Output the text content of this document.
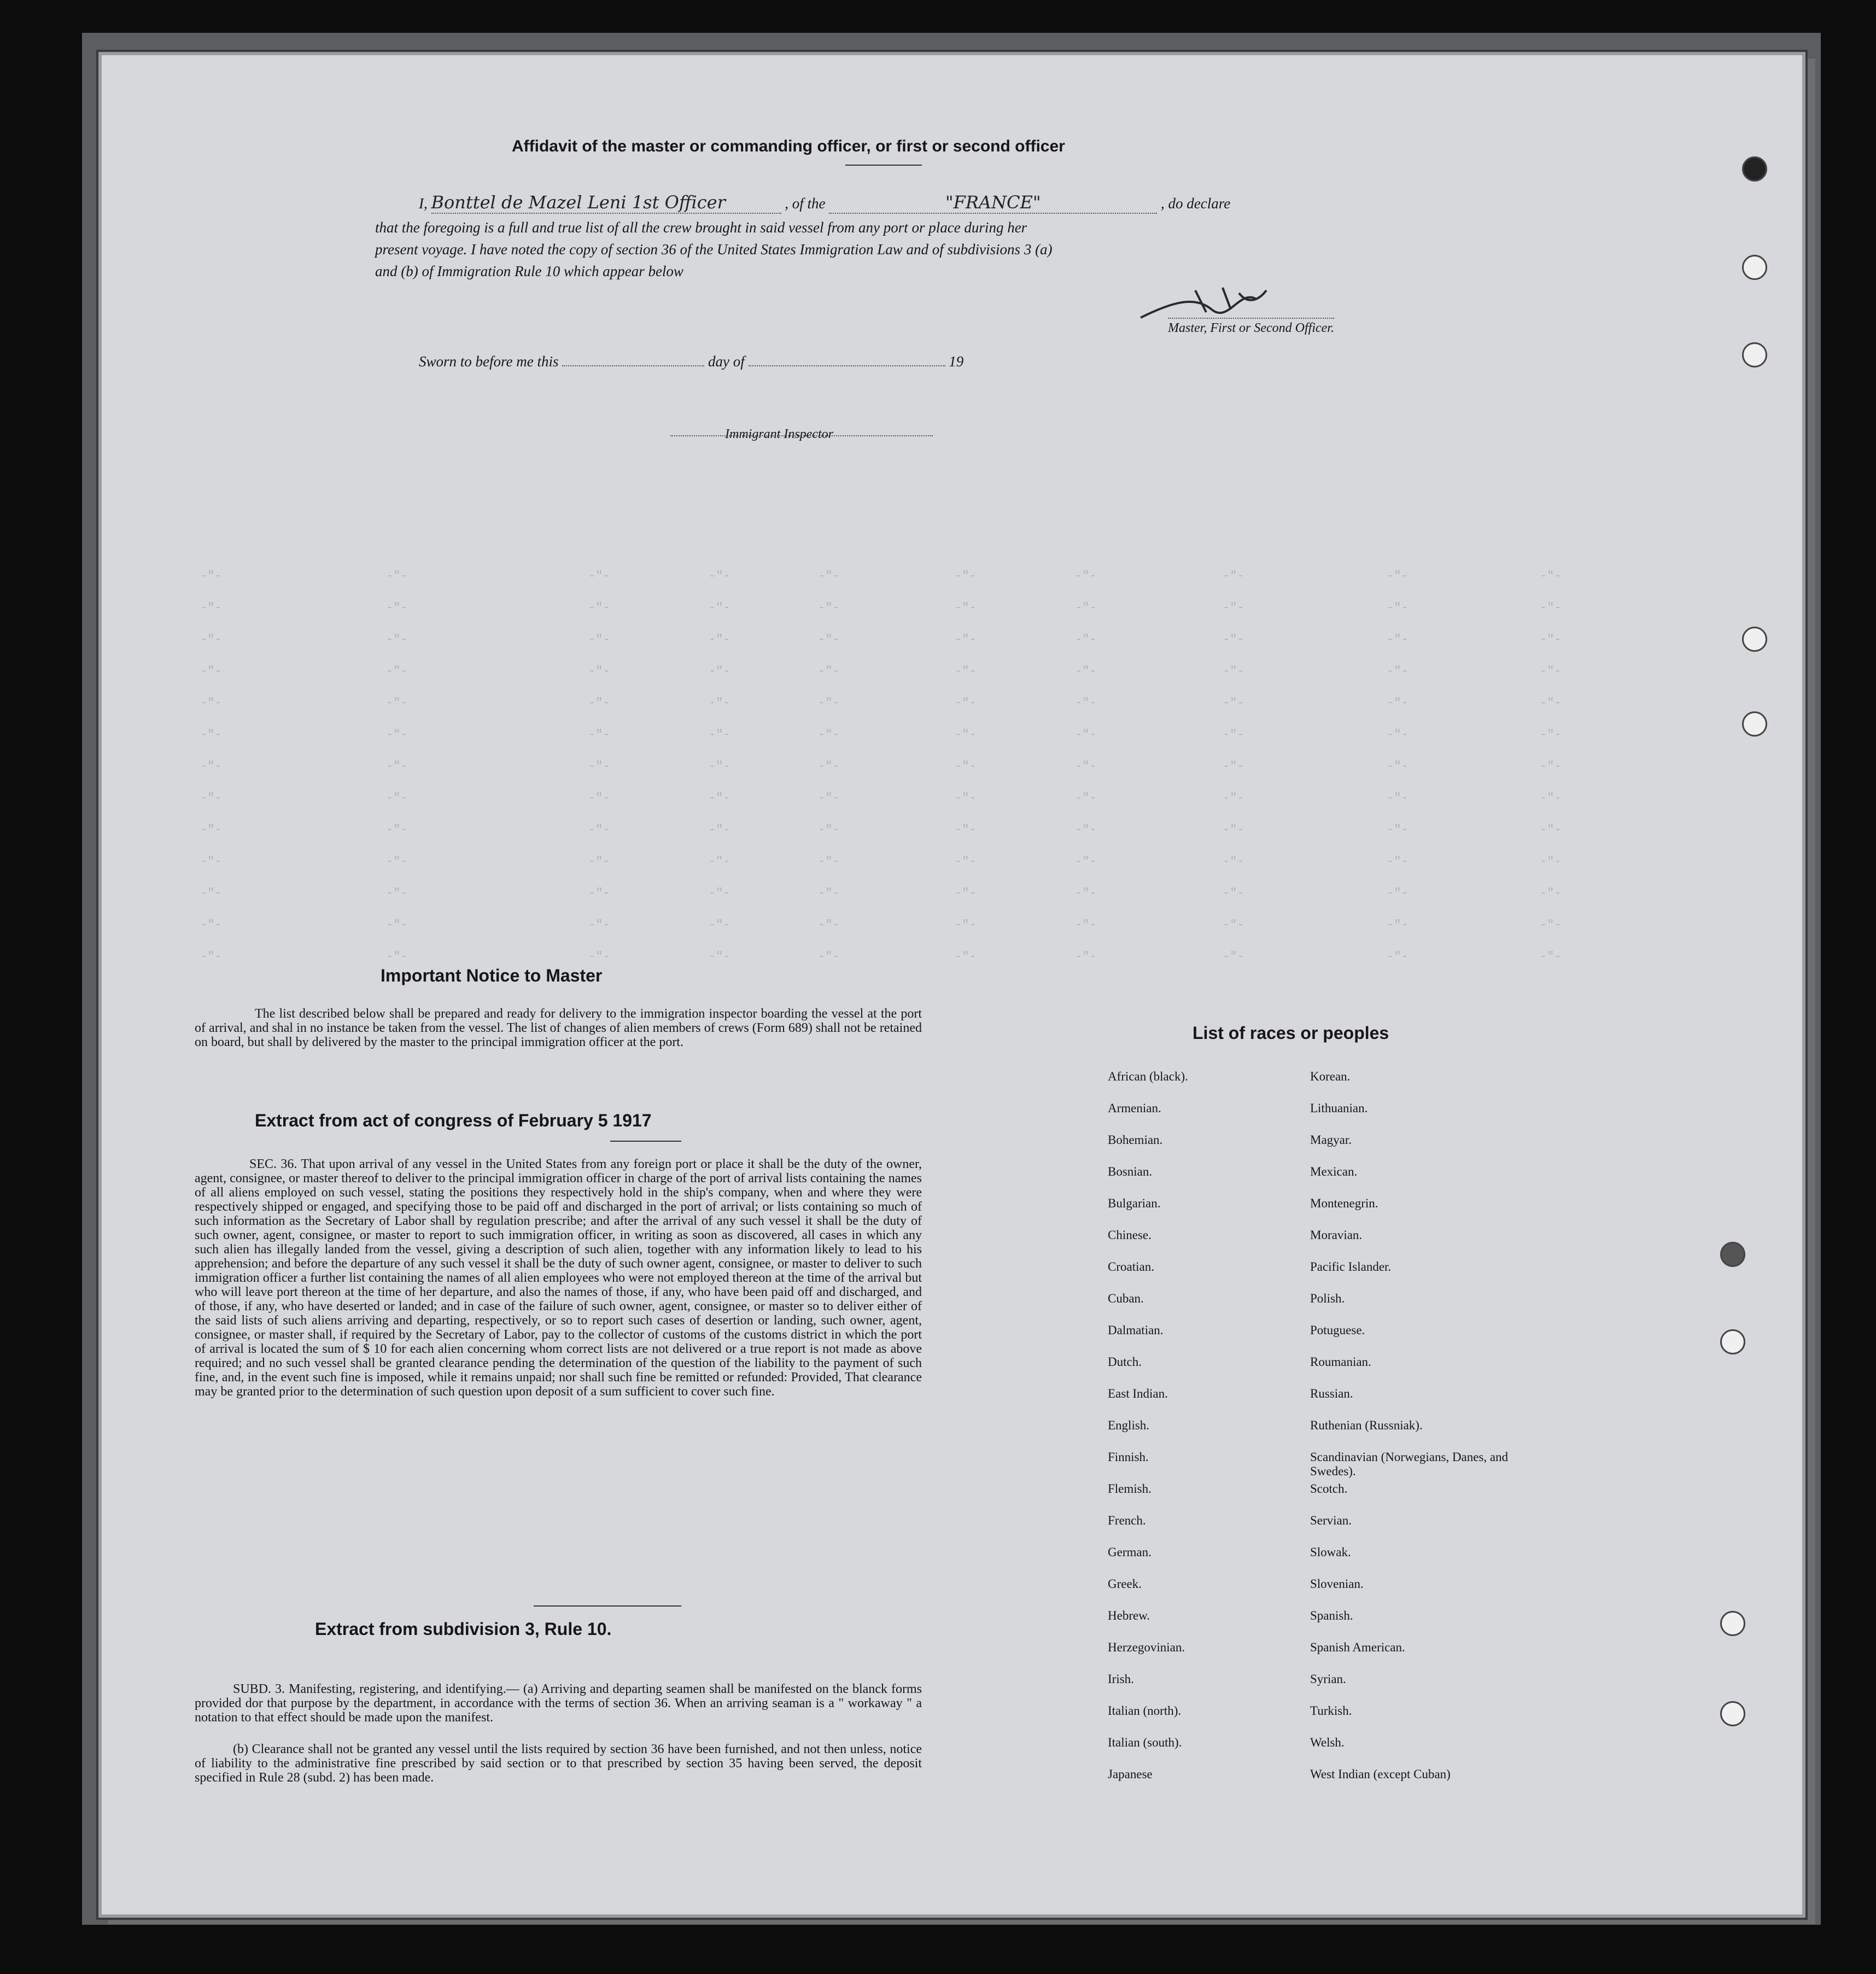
-"-	-"-	-"-	-"-	-"-	-"-	-"-	-"-	-"-	-"-
-"-	-"-	-"-	-"-	-"-	-"-	-"-	-"-	-"-	-"-
-"-	-"-	-"-	-"-	-"-	-"-	-"-	-"-	-"-	-"-
-"-	-"-	-"-	-"-	-"-	-"-	-"-	-"-	-"-	-"-
-"-	-"-	-"-	-"-	-"-	-"-	-"-	-"-	-"-	-"-
-"-	-"-	-"-	-"-	-"-	-"-	-"-	-"-	-"-	-"-
-"-	-"-	-"-	-"-	-"-	-"-	-"-	-"-	-"-	-"-
-"-	-"-	-"-	-"-	-"-	-"-	-"-	-"-	-"-	-"-
-"-	-"-	-"-	-"-	-"-	-"-	-"-	-"-	-"-	-"-
-"-	-"-	-"-	-"-	-"-	-"-	-"-	-"-	-"-	-"-
-"-	-"-	-"-	-"-	-"-	-"-	-"-	-"-	-"-	-"-
-"-	-"-	-"-	-"-	-"-	-"-	-"-	-"-	-"-	-"-
-"-	-"-	-"-	-"-	-"-	-"-	-"-	-"-	-"-	-"-
Affidavit of the master or commanding officer, or first or second officer
I, Bonttel de Mazel Leni 1st Officer	, of the	"FRANCE"	, do declare
that the foregoing is a full and true list of all the crew brought in said vessel from any port or place during her
present voyage. I have noted the copy of section 36 of the United States Immigration Law and of subdivisions 3 (a)
and (b) of Immigration Rule 10 which appear below
Master, First or Second Officer.
Sworn to before me this	day of	19
Immigrant Inspector
Important Notice to Master
The list described below shall be prepared and ready for delivery to the immigration inspector boarding the vessel at the port of arrival, and shal in no instance be taken from the vessel. The list of changes of alien members of crews (Form 689) shall not be retained on board, but shall by delivered by the master to the principal immigration officer at the port.
Extract from act of congress of February 5 1917
SEC. 36. That upon arrival of any vessel in the United States from any foreign port or place it shall be the duty of the owner, agent, consignee, or master thereof to deliver to the principal immigration officer in charge of the port of arrival lists containing the names of all aliens employed on such vessel, stating the positions they respectively hold in the ship's company, when and where they were respectively shipped or engaged, and specifying those to be paid off and discharged in the port of arrival; or lists containing so much of such information as the Secretary of Labor shall by regulation prescribe; and after the arrival of any such vessel it shall be the duty of such owner, agent, consignee, or master to report to such immigration officer, in writing as soon as discovered, all cases in which any such alien has illegally landed from the vessel, giving a description of such alien, together with any information likely to lead to his apprehension; and before the departure of any such vessel it shall be the duty of such owner agent, consignee, or master to deliver to such immigration officer a further list containing the names of all alien employees who were not employed thereon at the time of the arrival but who will leave port thereon at the time of her departure, and also the names of those, if any, who have been paid off and discharged, and of those, if any, who have deserted or landed; and in case of the failure of such owner, agent, consignee, or master so to deliver either of the said lists of such aliens arriving and departing, respectively, or so to report such cases of desertion or landing, such owner, agent, consignee, or master shall, if required by the Secretary of Labor, pay to the collector of customs of the customs district in which the port of arrival is located the sum of $ 10 for each alien concerning whom correct lists are not delivered or a true report is not made as above required; and no such vessel shall be granted clearance pending the determination of the question of the liability to the payment of such fine, and, in the event such fine is imposed, while it remains unpaid; nor shall such fine be remitted or refunded: Provided, That clearance may be granted prior to the determination of such question upon deposit of a sum sufficient to cover such fine.
Extract from subdivision 3, Rule 10.
SUBD. 3. Manifesting, registering, and identifying.— (a) Arriving and departing seamen shall be manifested on the blanck forms provided dor that purpose by the department, in accordance with the terms of section 36. When an arriving seaman is a " workaway " a notation to that effect should be made upon the manifest.
(b) Clearance shall not be granted any vessel until the lists required by section 36 have been furnished, and not then unless, notice of liability to the administrative fine prescribed by said section or to that prescribed by section 35 having been served, the deposit specified in Rule 28 (subd. 2) has been made.
List of races or peoples
African (black).	Korean.
Armenian.	Lithuanian.
Bohemian.	Magyar.
Bosnian.	Mexican.
Bulgarian.	Montenegrin.
Chinese.	Moravian.
Croatian.	Pacific Islander.
Cuban.	Polish.
Dalmatian.	Potuguese.
Dutch.	Roumanian.
East Indian.	Russian.
English.	Ruthenian (Russniak).
Finnish.	Scandinavian (Norwegians, Danes, and Swedes).
Flemish.	Scotch.
French.	Servian.
German.	Slowak.
Greek.	Slovenian.
Hebrew.	Spanish.
Herzegovinian.	Spanish American.
Irish.	Syrian.
Italian (north).	Turkish.
Italian (south).	Welsh.
Japanese	West Indian (except Cuban)
